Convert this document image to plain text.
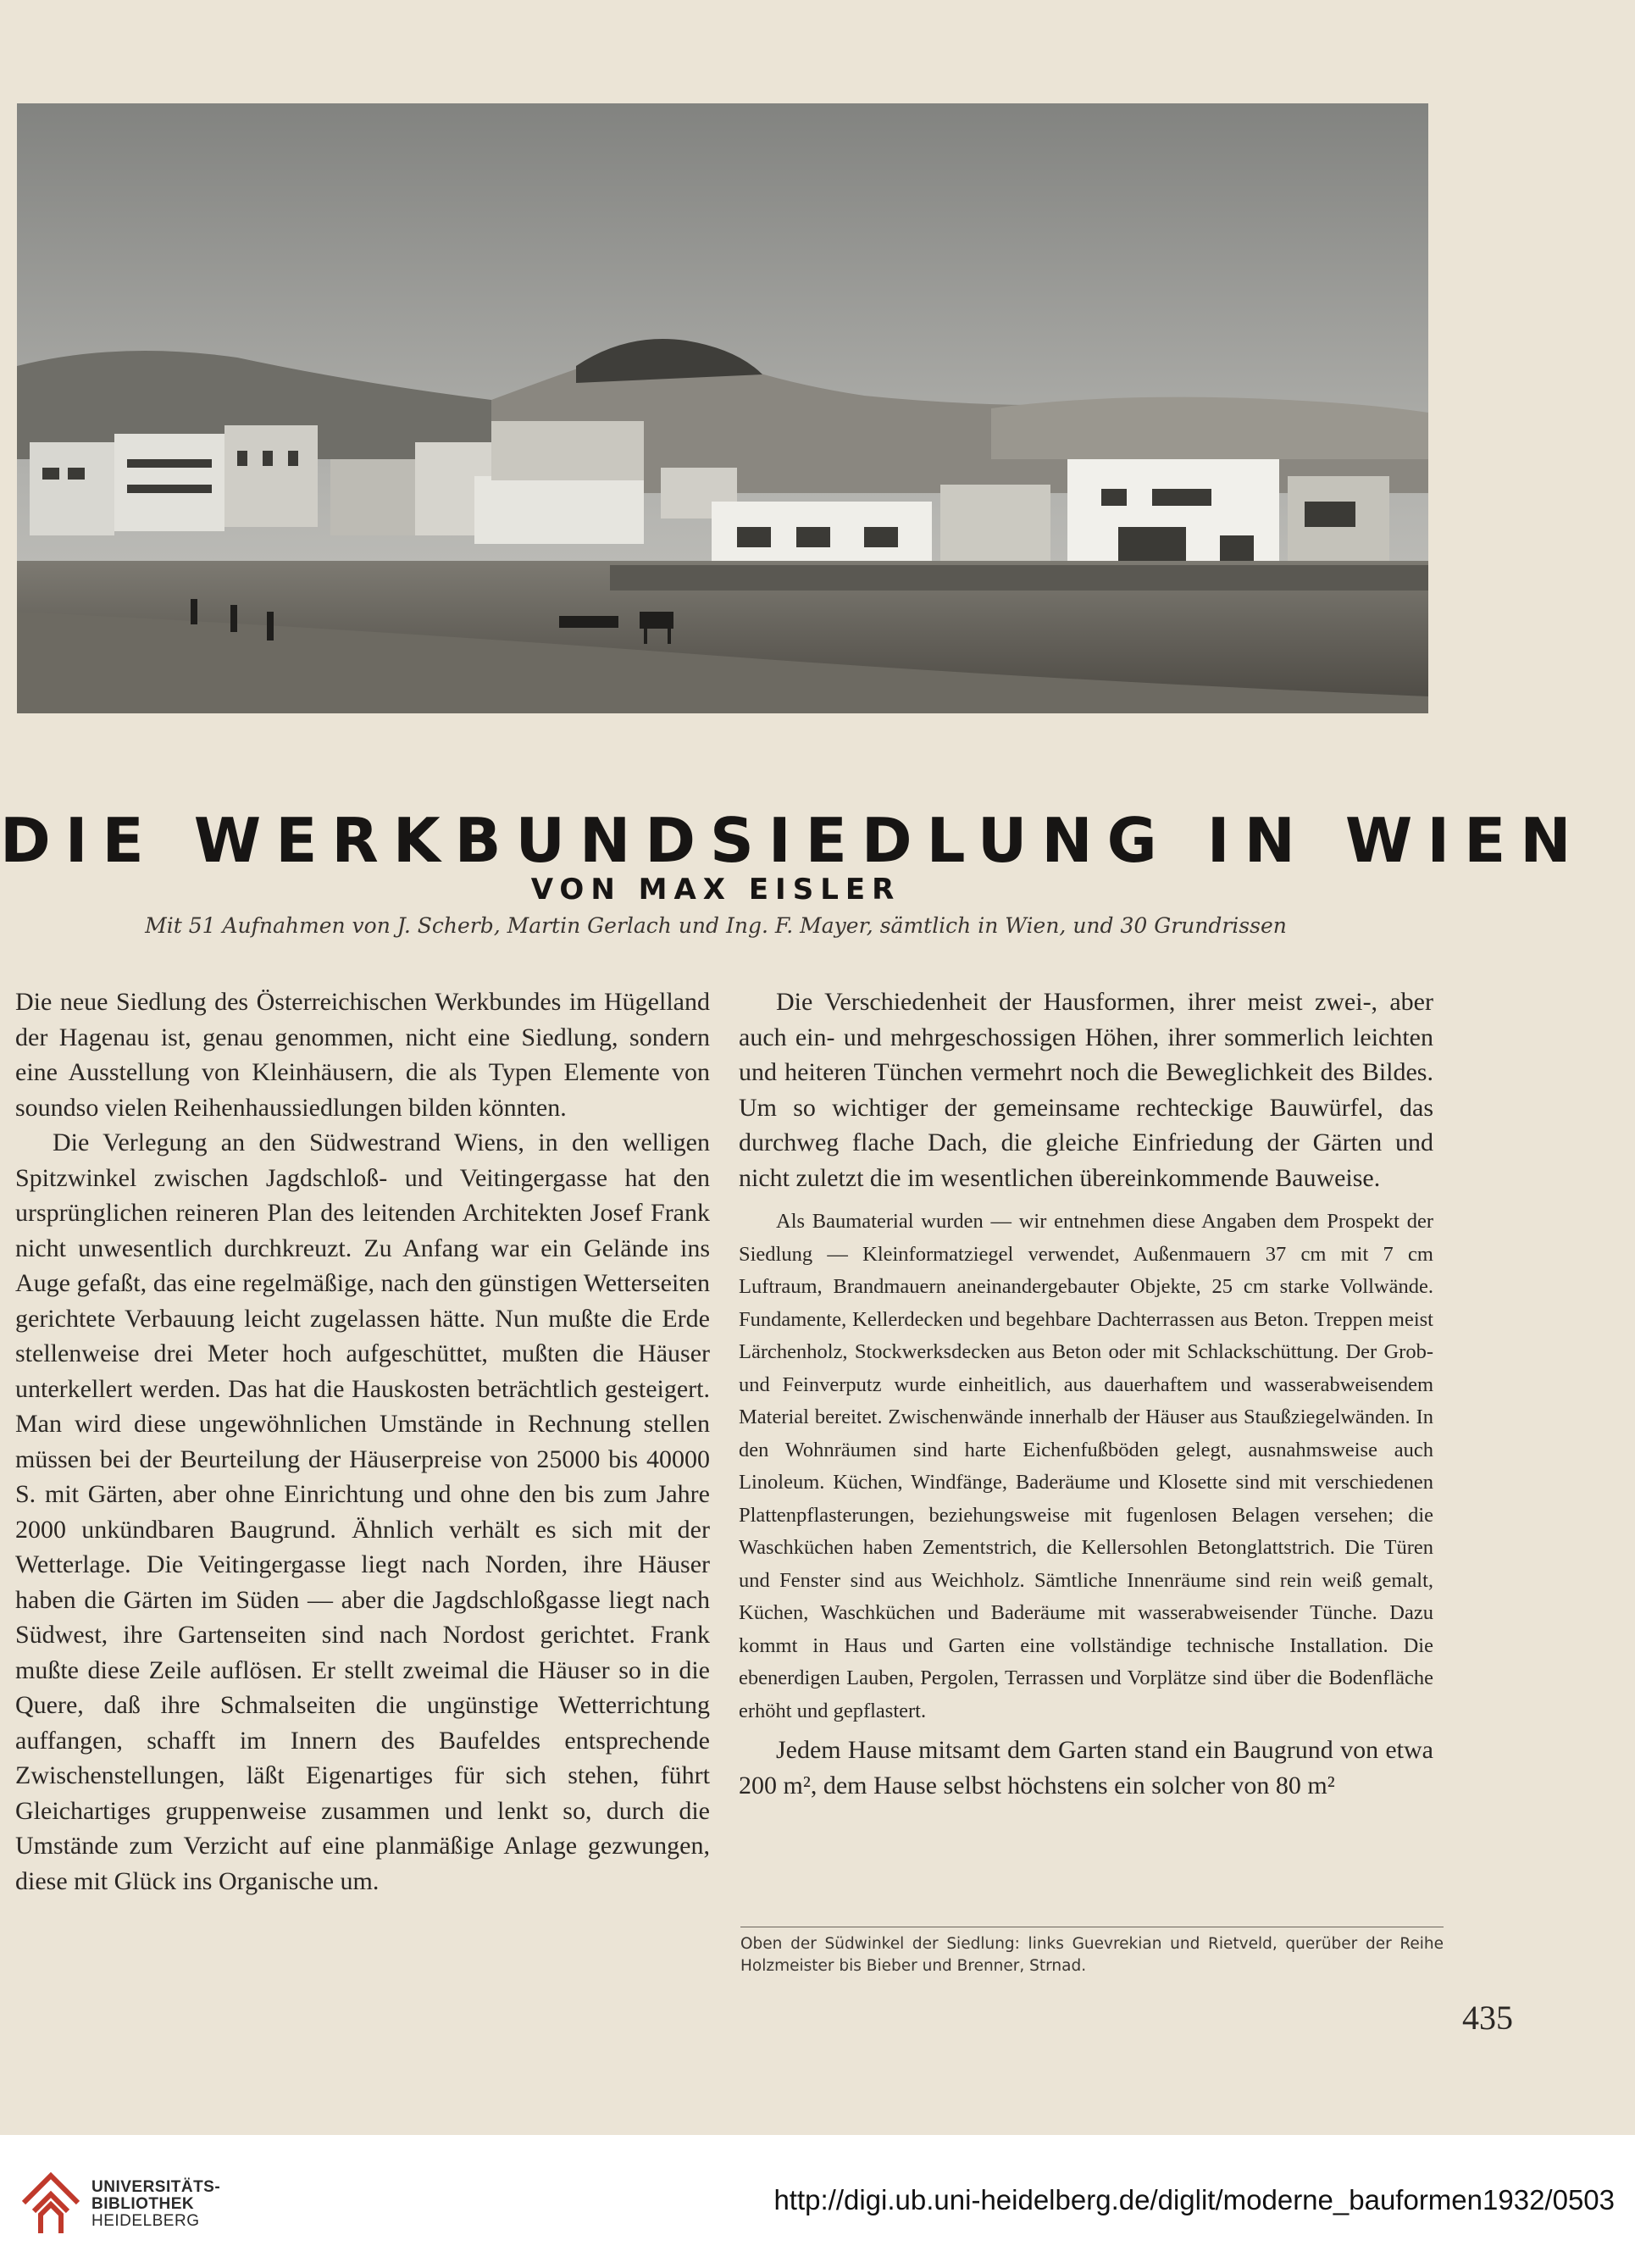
DIE WERKBUNDSIEDLUNG IN WIEN
VON MAX EISLER
Mit 51 Aufnahmen von J. Scherb, Martin Gerlach und Ing. F. Mayer, sämtlich in Wien, und 30 Grundrissen

Die neue Siedlung des Österreichischen Werkbundes im Hügelland der Hagenau ist, genau genommen, nicht eine Siedlung, sondern eine Ausstellung von Kleinhäusern, die als Typen Elemente von soundso vielen Reihenhaussiedlungen bilden könnten.

Die Verlegung an den Südwestrand Wiens, in den welligen Spitzwinkel zwischen Jagdschloß- und Veitingergasse hat den ursprünglichen reineren Plan des leitenden Architekten Josef Frank nicht unwesentlich durchkreuzt. Zu Anfang war ein Gelände ins Auge gefaßt, das eine regelmäßige, nach den günstigen Wetterseiten gerichtete Verbauung leicht zugelassen hätte. Nun mußte die Erde stellenweise drei Meter hoch aufgeschüttet, mußten die Häuser unterkellert werden. Das hat die Hauskosten beträchtlich gesteigert. Man wird diese ungewöhnlichen Umstände in Rechnung stellen müssen bei der Beurteilung der Häuserpreise von 25000 bis 40000 S. mit Gärten, aber ohne Einrichtung und ohne den bis zum Jahre 2000 unkündbaren Baugrund. Ähnlich verhält es sich mit der Wetterlage. Die Veitingergasse liegt nach Norden, ihre Häuser haben die Gärten im Süden — aber die Jagdschloßgasse liegt nach Südwest, ihre Gartenseiten sind nach Nordost gerichtet. Frank mußte diese Zeile auflösen. Er stellt zweimal die Häuser so in die Quere, daß ihre Schmalseiten die ungünstige Wetterrichtung auffangen, schafft im Innern des Baufeldes entsprechende Zwischenstellungen, läßt Eigenartiges für sich stehen, führt Gleichartiges gruppenweise zusammen und lenkt so, durch die Umstände zum Verzicht auf eine planmäßige Anlage gezwungen, diese mit Glück ins Organische um.

Die Verschiedenheit der Hausformen, ihrer meist zwei-, aber auch ein- und mehrgeschossigen Höhen, ihrer sommerlich leichten und heiteren Tünchen vermehrt noch die Beweglichkeit des Bildes. Um so wichtiger der gemeinsame rechteckige Bauwürfel, das durchweg flache Dach, die gleiche Einfriedung der Gärten und nicht zuletzt die im wesentlichen übereinkommende Bauweise.

Als Baumaterial wurden — wir entnehmen diese Angaben dem Prospekt der Siedlung — Kleinformatziegel verwendet, Außenmauern 37 cm mit 7 cm Luftraum, Brandmauern aneinandergebauter Objekte, 25 cm starke Vollwände. Fundamente, Kellerdecken und begehbare Dachterrassen aus Beton. Treppen meist Lärchenholz, Stockwerksdecken aus Beton oder mit Schlackschüttung. Der Grob- und Feinverputz wurde einheitlich, aus dauerhaftem und wasserabweisendem Material bereitet. Zwischenwände innerhalb der Häuser aus Staußziegelwänden. In den Wohnräumen sind harte Eichenfußböden gelegt, ausnahmsweise auch Linoleum. Küchen, Windfänge, Baderäume und Klosette sind mit verschiedenen Plattenpflasterungen, beziehungsweise mit fugenlosen Belagen versehen; die Waschküchen haben Zementstrich, die Kellersohlen Betonglattstrich. Die Türen und Fenster sind aus Weichholz. Sämtliche Innenräume sind rein weiß gemalt, Küchen, Waschküchen und Baderäume mit wasserabweisender Tünche. Dazu kommt in Haus und Garten eine vollständige technische Installation. Die ebenerdigen Lauben, Pergolen, Terrassen und Vorplätze sind über die Bodenfläche erhöht und gepflastert.

Jedem Hause mitsamt dem Garten stand ein Baugrund von etwa 200 m², dem Hause selbst höchstens ein solcher von 80 m²

Oben der Südwinkel der Siedlung: links Guevrekian und Rietveld, querüber der Reihe Holzmeister bis Bieber und Brenner, Strnad.
435
UNIVERSITÄTS-
BIBLIOTHEK
HEIDELBERG
http://digi.ub.uni-heidelberg.de/diglit/moderne_bauformen1932/0503
